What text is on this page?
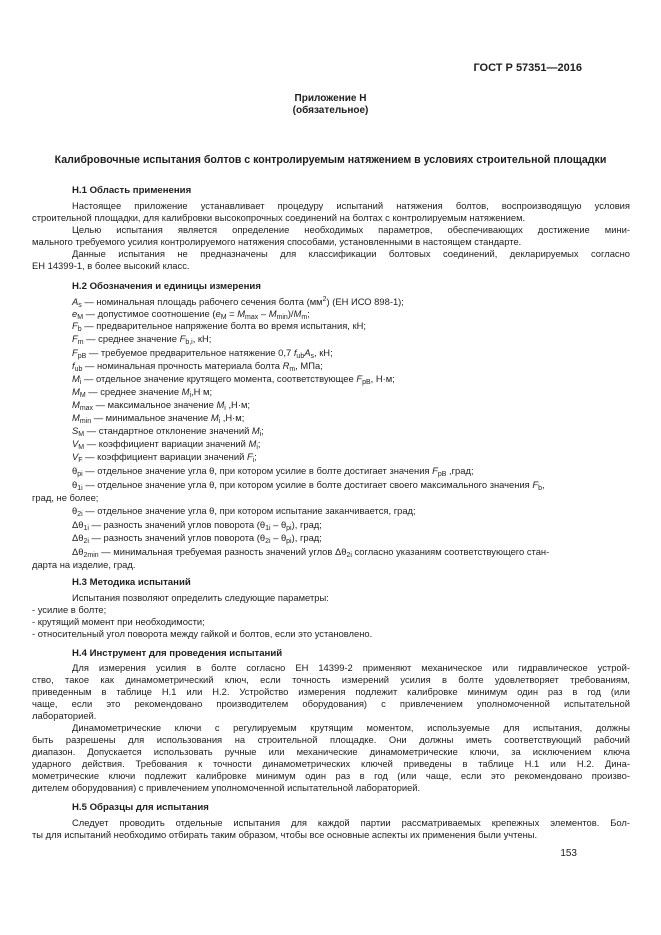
ГОСТ Р 57351—2016
Приложение Н
(обязательное)
Калибровочные испытания болтов с контролируемым натяжением в условиях строительной площадки
Н.1 Область применения
Настоящее приложение устанавливает процедуру испытаний натяжения болтов, воспроизводящую условия
строительной площадки, для калибровки высокопрочных соединений на болтах с контролируемым натяжением.
Целью испытания является определение необходимых параметров, обеспечивающих достижение мини-
мального требуемого усилия контролируемого натяжения способами, установленными в настоящем стандарте.
Данные испытания не предназначены для классификации болтовых соединений, декларируемых согласно
ЕН 14399-1, в более высокий класс.
Н.2 Обозначения и единицы измерения
$A_s$ — номинальная площадь рабочего сечения болта $(мм^2)$ (ЕН ИСО 898-1);
$e_M$ — допустимое соотношение $(e_M = M_{max} - M_{min})/M_m$;
$F_b$ — предварительное напряжение болта во время испытания, кН;
$F_m$ — среднее значение $F_{b,i}$, кН;
$F_{pB}$ — требуемое предварительное натяжение 0,7 $f_{ub}A_s$, кН;
$f_{ub}$ — номинальная прочность материала болта $R_m$, МПа;
$M_i$ — отдельное значение крутящего момента, соответствующее $F_{pB}$, Н·м;
$M_M$ — среднее значение $M_i,Н$ м;
$M_{max}$ — максимальное значение $M_i$ ,Н·м;
$M_{min}$ — минимальное значение $M_i$ ,Н·м;
$S_M$ — стандартное отклонение значений $M_i$;
$V_M$ — коэффициент вариации значений $M_i$;
$V_F$ — коэффициент вариации значений $F_i$;
$\theta_{pi}$ — отдельное значение угла θ, при котором усилие в болте достигает значения $F_{pB}$ ,град;
$\theta_{1i}$ — отдельное значение угла θ, при котором усилие в болте достигает своего максимального значения $F_b$,
град, не более;
$\theta_{2i}$ — отдельное значение угла θ, при котором испытание заканчивается, град;
$\Delta\theta_{1i}$ — разность значений углов поворота $(\theta_{1i} - \theta_{pi})$, град;
$\Delta\theta_{2i}$ — разность значений углов поворота $(\theta_{2i} - \theta_{pi})$, град;
$\Delta\theta_{2min}$ — минимальная требуемая разность значений углов $\Delta\theta_{2i}$ согласно указаниям соответствующего стан-
дарта на изделие, град.
Н.3 Методика испытаний
Испытания позволяют определить следующие параметры:
- усилие в болте;
- крутящий момент при необходимости;
- относительный угол поворота между гайкой и болтов, если это установлено.
Н.4 Инструмент для проведения испытаний
Для измерения усилия в болте согласно ЕН 14399-2 применяют механическое или гидравлическое устрой-
ство, такое как динамометрический ключ, если точность измерений усилия в болте удовлетворяет требованиям,
приведенным в таблице Н.1 или Н.2. Устройство измерения подлежит калибровке минимум один раз в год (или
чаще, если это рекомендовано производителем оборудования) с привлечением уполномоченной испытательной
лабораторией.
Динамометрические ключи с регулируемым крутящим моментом, используемые для испытания, должны
быть разрешены для использования на строительной площадке. Они должны иметь соответствующий рабочий
диапазон. Допускается использовать ручные или механические динамометрические ключи, за исключением ключа
ударного действия. Требования к точности динамометрических ключей приведены в таблице Н.1 или Н.2. Дина-
мометрические ключи подлежит калибровке минимум один раз в год (или чаще, если это рекомендовано произво-
дителем оборудования) с привлечением уполномоченной испытательной лабораторией.
Н.5 Образцы для испытания
Следует проводить отдельные испытания для каждой партии рассматриваемых крепежных элементов. Бол-
ты для испытаний необходимо отбирать таким образом, чтобы все основные аспекты их применения были учтены.
153
